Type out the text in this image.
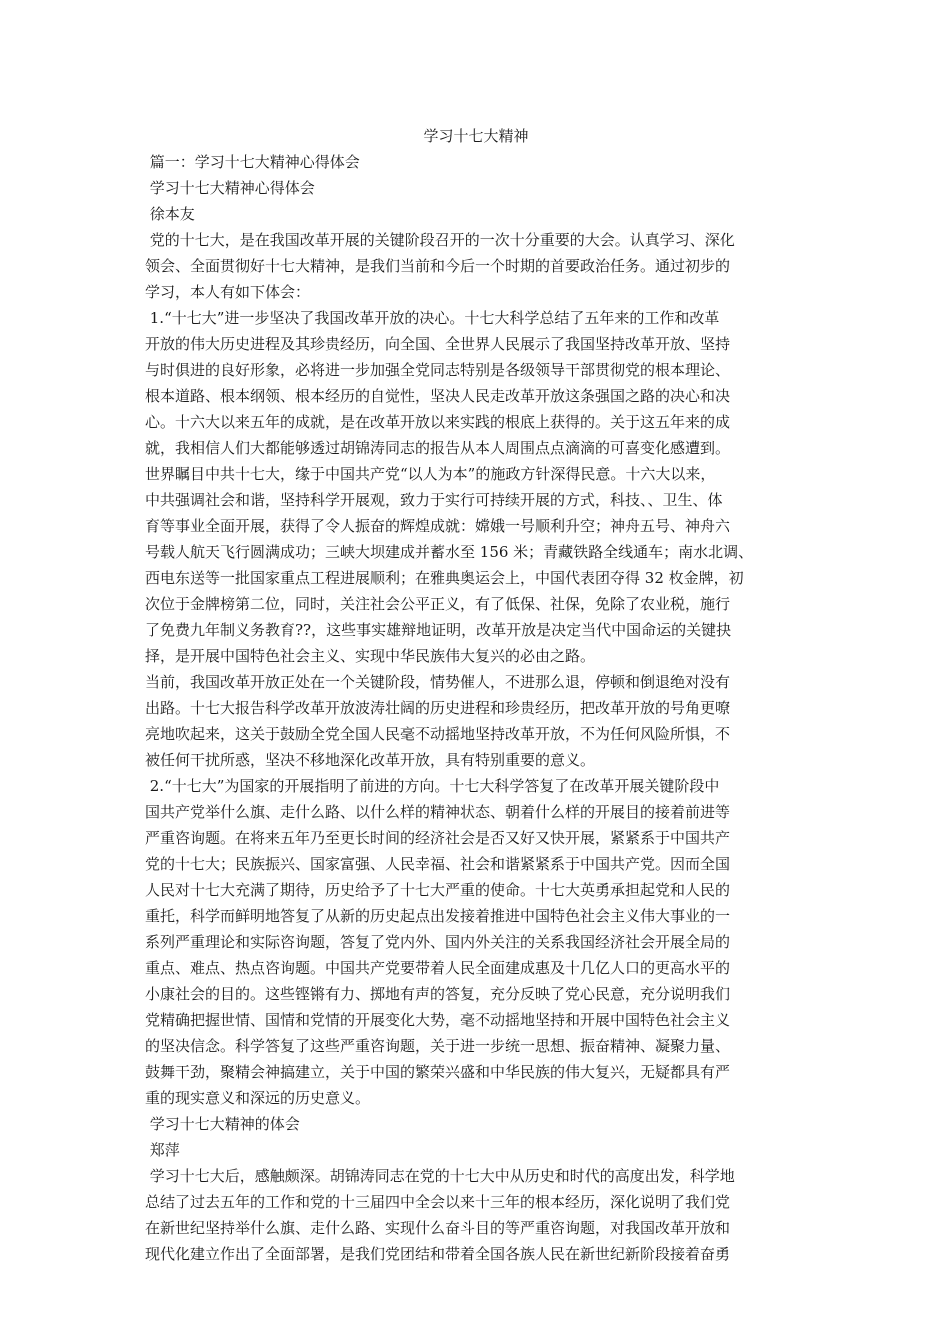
学习十七大精神

篇一：学习十七大精神心得体会

学习十七大精神心得体会

徐本友

党的十七大，是在我国改革开展的关键阶段召开的一次十分重要的大会。认真学习、深化

领会、全面贯彻好十七大精神，是我们当前和今后一个时期的首要政治任务。通过初步的

学习，本人有如下体会：

1.“十七大”进一步坚决了我国改革开放的决心。十七大科学总结了五年来的工作和改革

开放的伟大历史进程及其珍贵经历，向全国、全世界人民展示了我国坚持改革开放、坚持

与时俱进的良好形象，必将进一步加强全党同志特别是各级领导干部贯彻党的根本理论、

根本道路、根本纲领、根本经历的自觉性，坚决人民走改革开放这条强国之路的决心和决

心。十六大以来五年的成就，是在改革开放以来实践的根底上获得的。关于这五年来的成

就，我相信人们大都能够透过胡锦涛同志的报告从本人周围点点滴滴的可喜变化感遭到。

世界瞩目中共十七大，缘于中国共产党“以人为本”的施政方针深得民意。十六大以来，

中共强调社会和谐，坚持科学开展观，致力于实行可持续开展的方式，科技、、卫生、体

育等事业全面开展，获得了令人振奋的辉煌成就：嫦娥一号顺利升空；神舟五号、神舟六

号载人航天飞行圆满成功；三峡大坝建成并蓄水至 156 米；青藏铁路全线通车；南水北调、

西电东送等一批国家重点工程进展顺利；在雅典奥运会上，中国代表团夺得 32 枚金牌，初

次位于金牌榜第二位，同时，关注社会公平正义，有了低保、社保，免除了农业税，施行

了免费九年制义务教育??，这些事实雄辩地证明，改革开放是决定当代中国命运的关键抉

择，是开展中国特色社会主义、实现中华民族伟大复兴的必由之路。

当前，我国改革开放正处在一个关键阶段，情势催人，不进那么退，停顿和倒退绝对没有

出路。十七大报告科学改革开放波涛壮阔的历史进程和珍贵经历，把改革开放的号角更嘹

亮地吹起来，这关于鼓励全党全国人民毫不动摇地坚持改革开放，不为任何风险所惧，不

被任何干扰所惑，坚决不移地深化改革开放，具有特别重要的意义。

2.“十七大”为国家的开展指明了前进的方向。十七大科学答复了在改革开展关键阶段中

国共产党举什么旗、走什么路、以什么样的精神状态、朝着什么样的开展目的接着前进等

严重咨询题。在将来五年乃至更长时间的经济社会是否又好又快开展，紧紧系于中国共产

党的十七大；民族振兴、国家富强、人民幸福、社会和谐紧紧系于中国共产党。因而全国

人民对十七大充满了期待，历史给予了十七大严重的使命。十七大英勇承担起党和人民的

重托，科学而鲜明地答复了从新的历史起点出发接着推进中国特色社会主义伟大事业的一

系列严重理论和实际咨询题，答复了党内外、国内外关注的关系我国经济社会开展全局的

重点、难点、热点咨询题。中国共产党要带着人民全面建成惠及十几亿人口的更高水平的

小康社会的目的。这些铿锵有力、掷地有声的答复，充分反映了党心民意，充分说明我们

党精确把握世情、国情和党情的开展变化大势，毫不动摇地坚持和开展中国特色社会主义

的坚决信念。科学答复了这些严重咨询题，关于进一步统一思想、振奋精神、凝聚力量、

鼓舞干劲，聚精会神搞建立，关于中国的繁荣兴盛和中华民族的伟大复兴，无疑都具有严

重的现实意义和深远的历史意义。

学习十七大精神的体会

郑萍

学习十七大后，感触颇深。胡锦涛同志在党的十七大中从历史和时代的高度出发，科学地

总结了过去五年的工作和党的十三届四中全会以来十三年的根本经历，深化说明了我们党

在新世纪坚持举什么旗、走什么路、实现什么奋斗目的等严重咨询题，对我国改革开放和

现代化建立作出了全面部署，是我们党团结和带着全国各族人民在新世纪新阶段接着奋勇
